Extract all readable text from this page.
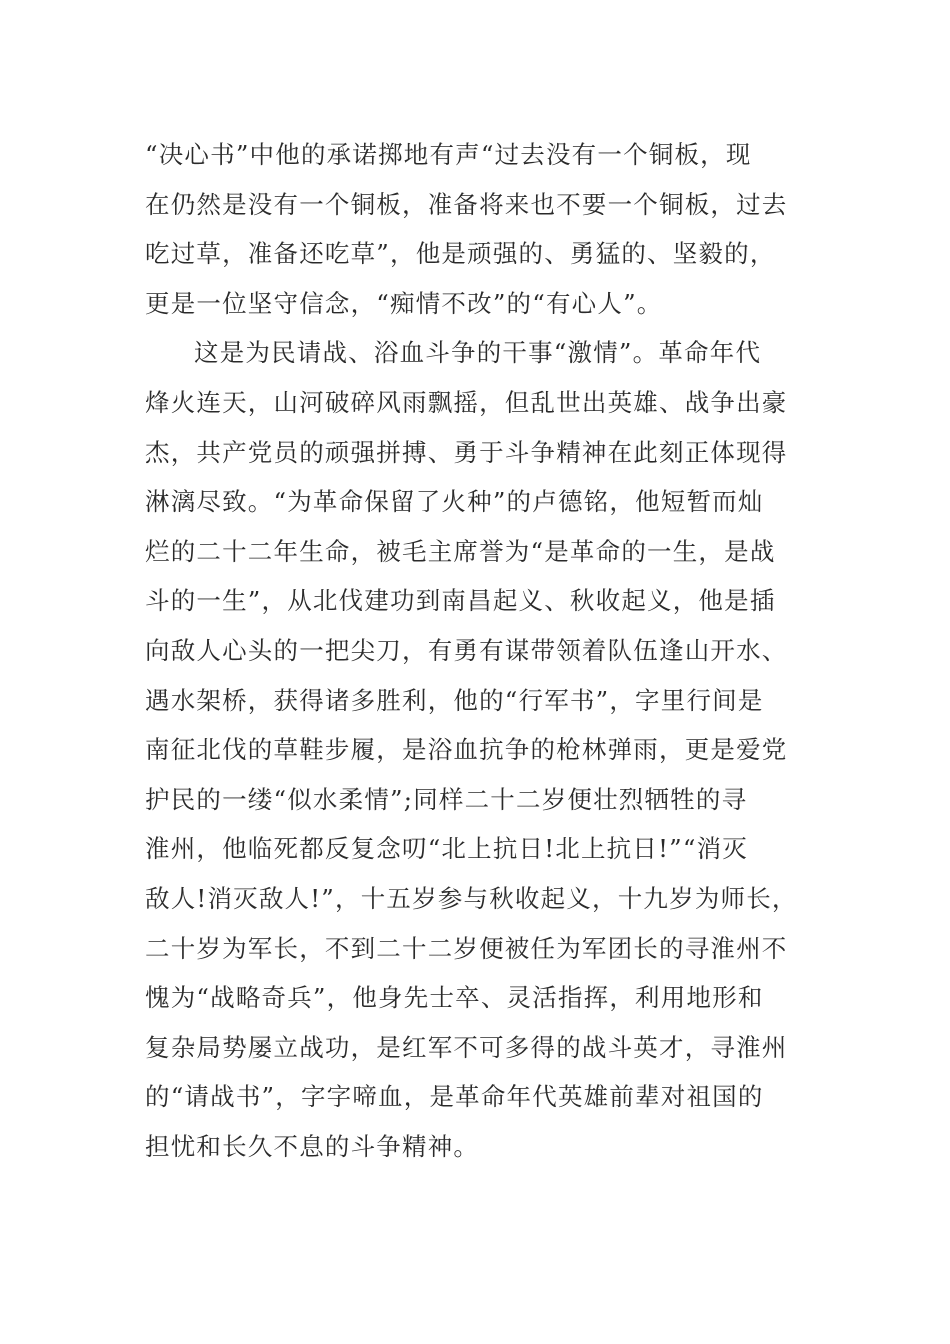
“决心书”中他的承诺掷地有声“过去没有一个铜板，现
在仍然是没有一个铜板，准备将来也不要一个铜板，过去
吃过草，准备还吃草”，他是顽强的、勇猛的、坚毅的，
更是一位坚守信念，“痴情不改”的“有心人”。
这是为民请战、浴血斗争的干事“激情”。革命年代
烽火连天，山河破碎风雨飘摇，但乱世出英雄、战争出豪
杰，共产党员的顽强拼搏、勇于斗争精神在此刻正体现得
淋漓尽致。“为革命保留了火种”的卢德铭，他短暂而灿
烂的二十二年生命，被毛主席誉为“是革命的一生，是战
斗的一生”，从北伐建功到南昌起义、秋收起义，他是插
向敌人心头的一把尖刀，有勇有谋带领着队伍逢山开水、
遇水架桥，获得诸多胜利，他的“行军书”，字里行间是
南征北伐的草鞋步履，是浴血抗争的枪林弹雨，更是爱党
护民的一缕“似水柔情”;同样二十二岁便壮烈牺牲的寻
淮州，他临死都反复念叨“北上抗日!北上抗日!”“消灭
敌人!消灭敌人!”，十五岁参与秋收起义，十九岁为师长，
二十岁为军长，不到二十二岁便被任为军团长的寻淮州不
愧为“战略奇兵”，他身先士卒、灵活指挥，利用地形和
复杂局势屡立战功，是红军不可多得的战斗英才，寻淮州
的“请战书”，字字啼血，是革命年代英雄前辈对祖国的
担忧和长久不息的斗争精神。
